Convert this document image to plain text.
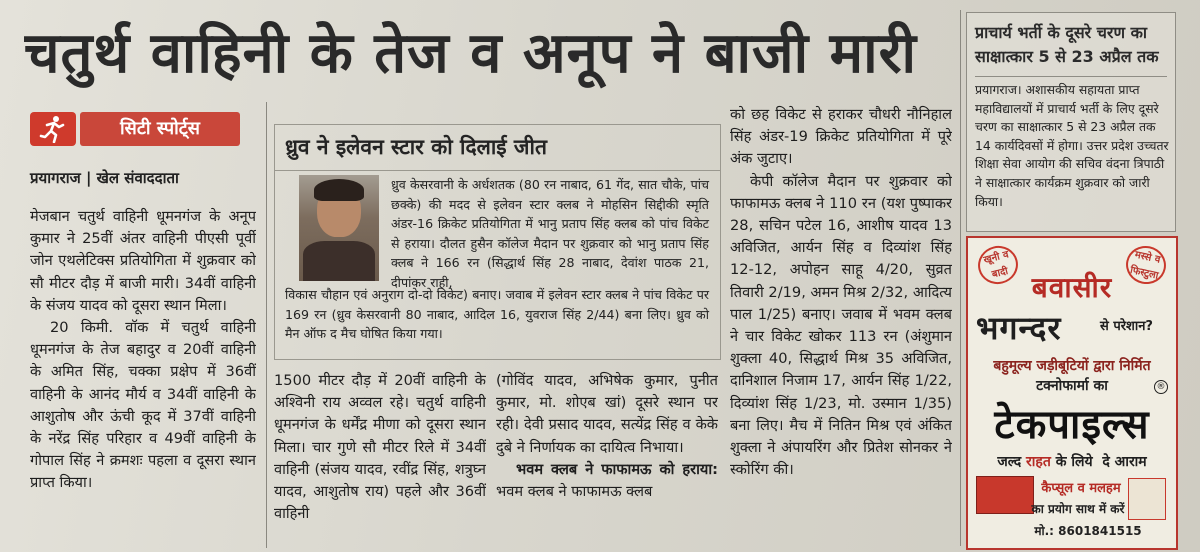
चतुर्थ वाहिनी के तेज व अनूप ने बाजी मारी
सिटी स्पोर्ट्स
प्रयागराज | खेल संवाददाता

मेजबान चतुर्थ वाहिनी धूमनगंज के अनूप कुमार ने 25वीं अंतर वाहिनी पीएसी पूर्वी जोन एथलेटिक्स प्रतियोगिता में शुक्रवार को सौ मीटर दौड़ में बाजी मारी। 34वीं वाहिनी के संजय यादव को दूसरा स्थान मिला।

20 किमी. वॉक में चतुर्थ वाहिनी धूमनगंज के तेज बहादुर व 20वीं वाहिनी के अमित सिंह, चक्का प्रक्षेप में 36वीं वाहिनी के आनंद मौर्य व 34वीं वाहिनी के आशुतोष और ऊंची कूद में 37वीं वाहिनी के नरेंद्र सिंह परिहार व 49वीं वाहिनी के गोपाल सिंह ने क्रमशः पहला व दूसरा स्थान प्राप्त किया।

ध्रुव ने इलेवन स्टार को दिलाई जीत
ध्रुव केसरवानी के अर्धशतक (80 रन नाबाद, 61 गेंद, सात चौके, पांच छक्के) की मदद से इलेवन स्टार क्लब ने मोहसिन सिद्दीकी स्मृति अंडर-16 क्रिकेट प्रतियोगिता में भानु प्रताप सिंह क्लब को पांच विकेट से हराया। दौलत हुसैन कॉलेज मैदान पर शुक्रवार को भानु प्रताप सिंह क्लब ने 166 रन (सिद्धार्थ सिंह 28 नाबाद, देवांश पाठक 21, दीपांकर राही,
विकास चौहान एवं अनुराग दो-दो विकेट) बनाए। जवाब में इलेवन स्टार क्लब ने पांच विकेट पर 169 रन (ध्रुव केसरवानी 80 नाबाद, आदिल 16, युवराज सिंह 2/44) बना लिए। ध्रुव को मैन ऑफ द मैच घोषित किया गया।

1500 मीटर दौड़ में 20वीं वाहिनी के अश्विनी राय अव्वल रहे। चतुर्थ वाहिनी धूमनगंज के धर्मेंद्र मीणा को दूसरा स्थान मिला। चार गुणे सौ मीटर रिले में 34वीं वाहिनी (संजय यादव, रवींद्र सिंह, शत्रुघ्न यादव, आशुतोष राय) पहले और 36वीं वाहिनी

(गोविंद यादव, अभिषेक कुमार, पुनीत कुमार, मो. शोएब खां) दूसरे स्थान पर रही। देवी प्रसाद यादव, सत्येंद्र सिंह व केके दुबे ने निर्णायक का दायित्व निभाया।

भवम क्लब ने फाफामऊ को हराया: भवम क्लब ने फाफामऊ क्लब

को छह विकेट से हराकर चौधरी नौनिहाल सिंह अंडर-19 क्रिकेट प्रतियोगिता में पूरे अंक जुटाए।

केपी कॉलेज मैदान पर शुक्रवार को फाफामऊ क्लब ने 110 रन (यश पुष्पाकर 28, सचिन पटेल 16, आशीष यादव 13 अविजित, आर्यन सिंह व दिव्यांश सिंह 12-12, अपोहन साहू 4/20, सुव्रत तिवारी 2/19, अमन मिश्र 2/32, आदित्य पाल 1/25) बनाए। जवाब में भवम क्लब ने चार विकेट खोकर 113 रन (अंशुमान शुक्ला 40, सिद्धार्थ मिश्र 35 अविजित, दानिशाल निजाम 17, आर्यन सिंह 1/22, दिव्यांश सिंह 1/23, मो. उस्मान 1/35) बना लिए। मैच में नितिन मिश्र एवं अंकित शुक्ला ने अंपायरिंग और प्रितेश सोनकर ने स्कोरिंग की।

प्राचार्य भर्ती के दूसरे चरण का साक्षात्कार 5 से 23 अप्रैल तक
प्रयागराज। अशासकीय सहायता प्राप्त महाविद्यालयों में प्राचार्य भर्ती के लिए दूसरे चरण का साक्षात्कार 5 से 23 अप्रैल तक 14 कार्यदिवसों में होगा। उत्तर प्रदेश उच्चतर शिक्षा सेवा आयोग की सचिव वंदना त्रिपाठी ने साक्षात्कार कार्यक्रम शुक्रवार को जारी किया।
खूनी व बादी
मस्से व फिस्टुला
बवासीर
भगन्दर	से परेशान?
बहुमूल्य जड़ीबूटियों द्वारा निर्मित
टक्नोफार्मा का	®
टेकपाइल्स
जल्द राहत के लिये दे आराम
कैप्सूल व मलहम
का प्रयोग साथ में करें
मो.: 8601841515
